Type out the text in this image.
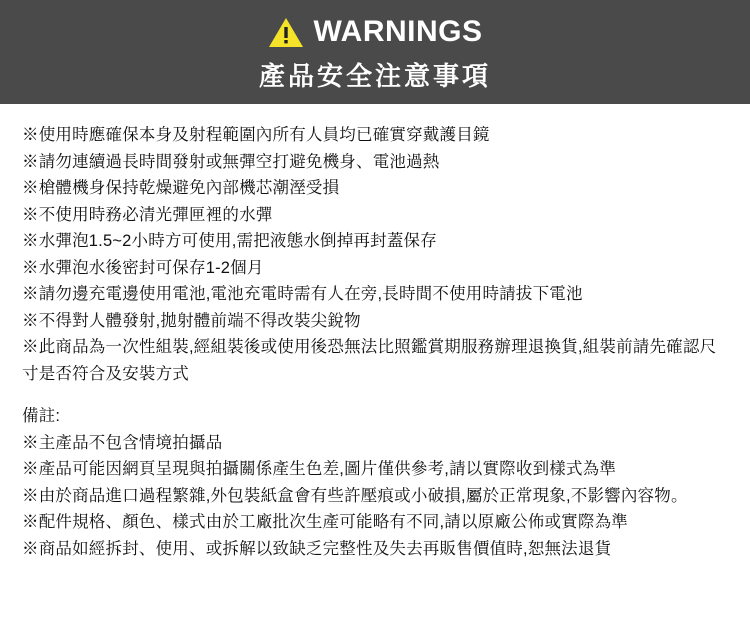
WARNINGS
產品安全注意事項
※使用時應確保本身及射程範圍內所有人員均已確實穿戴護目鏡
※請勿連續過長時間發射或無彈空打避免機身、電池過熱
※槍體機身保持乾燥避免內部機芯潮溼受損
※不使用時務必清光彈匣裡的水彈
※水彈泡1.5~2小時方可使用,需把液態水倒掉再封蓋保存
※水彈泡水後密封可保存1-2個月
※請勿邊充電邊使用電池,電池充電時需有人在旁,長時間不使用時請拔下電池
※不得對人體發射,拋射體前端不得改裝尖銳物
※此商品為一次性組裝,經組裝後或使用後恐無法比照鑑賞期服務辦理退換貨,組裝前請先確認尺寸是否符合及安裝方式
備註:
※主產品不包含情境拍攝品
※產品可能因網頁呈現與拍攝關係產生色差,圖片僅供參考,請以實際收到樣式為準
※由於商品進口過程繁雜,外包裝紙盒會有些許壓痕或小破損,屬於正常現象,不影響內容物。
※配件規格、顏色、樣式由於工廠批次生產可能略有不同,請以原廠公佈或實際為準
※商品如經拆封、使用、或拆解以致缺乏完整性及失去再販售價值時,恕無法退貨
